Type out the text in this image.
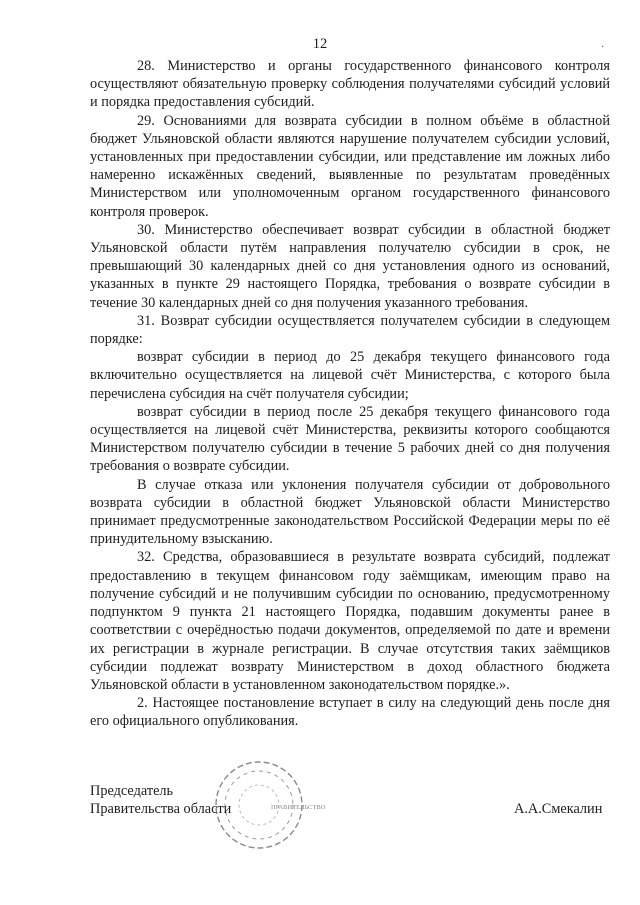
12	·

28. Министерство и органы государственного финансового контроля осуществляют обязательную проверку соблюдения получателями субсидий условий и порядка предоставления субсидий.

29. Основаниями для возврата субсидии в полном объёме в областной бюджет Ульяновской области являются нарушение получателем субсидии условий, установленных при предоставлении субсидии, или представление им ложных либо намеренно искажённых сведений, выявленные по результатам проведённых Министерством или уполномоченным органом государственного финансового контроля проверок.

30. Министерство обеспечивает возврат субсидии в областной бюджет Ульяновской области путём направления получателю субсидии в срок, не превышающий 30 календарных дней со дня установления одного из оснований, указанных в пункте 29 настоящего Порядка, требования о возврате субсидии в течение 30 календарных дней со дня получения указанного требования.

31. Возврат субсидии осуществляется получателем субсидии в следующем порядке:

возврат субсидии в период до 25 декабря текущего финансового года включительно осуществляется на лицевой счёт Министерства, с которого была перечислена субсидия на счёт получателя субсидии;

возврат субсидии в период после 25 декабря текущего финансового года осуществляется на лицевой счёт Министерства, реквизиты которого сообщаются Министерством получателю субсидии в течение 5 рабочих дней со дня получения требования о возврате субсидии.

В случае отказа или уклонения получателя субсидии от добровольного возврата субсидии в областной бюджет Ульяновской области Министерство принимает предусмотренные законодательством Российской Федерации меры по её принудительному взысканию.

32. Средства, образовавшиеся в результате возврата субсидий, подлежат предоставлению в текущем финансовом году заёмщикам, имеющим право на получение субсидий и не получившим субсидии по основанию, предусмотренному подпунктом 9 пункта 21 настоящего Порядка, подавшим документы ранее в соответствии с очерёдностью подачи документов, определяемой по дате и времени их регистрации в журнале регистрации. В случае отсутствия таких заёмщиков субсидии подлежат возврату Министерством в доход областного бюджета Ульяновской области в установленном законодательством порядке.».

2. Настоящее постановление вступает в силу на следующий день после дня его официального опубликования.

ПРАВИТЕЛЬСТВО
Председатель
Правительства области	А.А.Смекалин
